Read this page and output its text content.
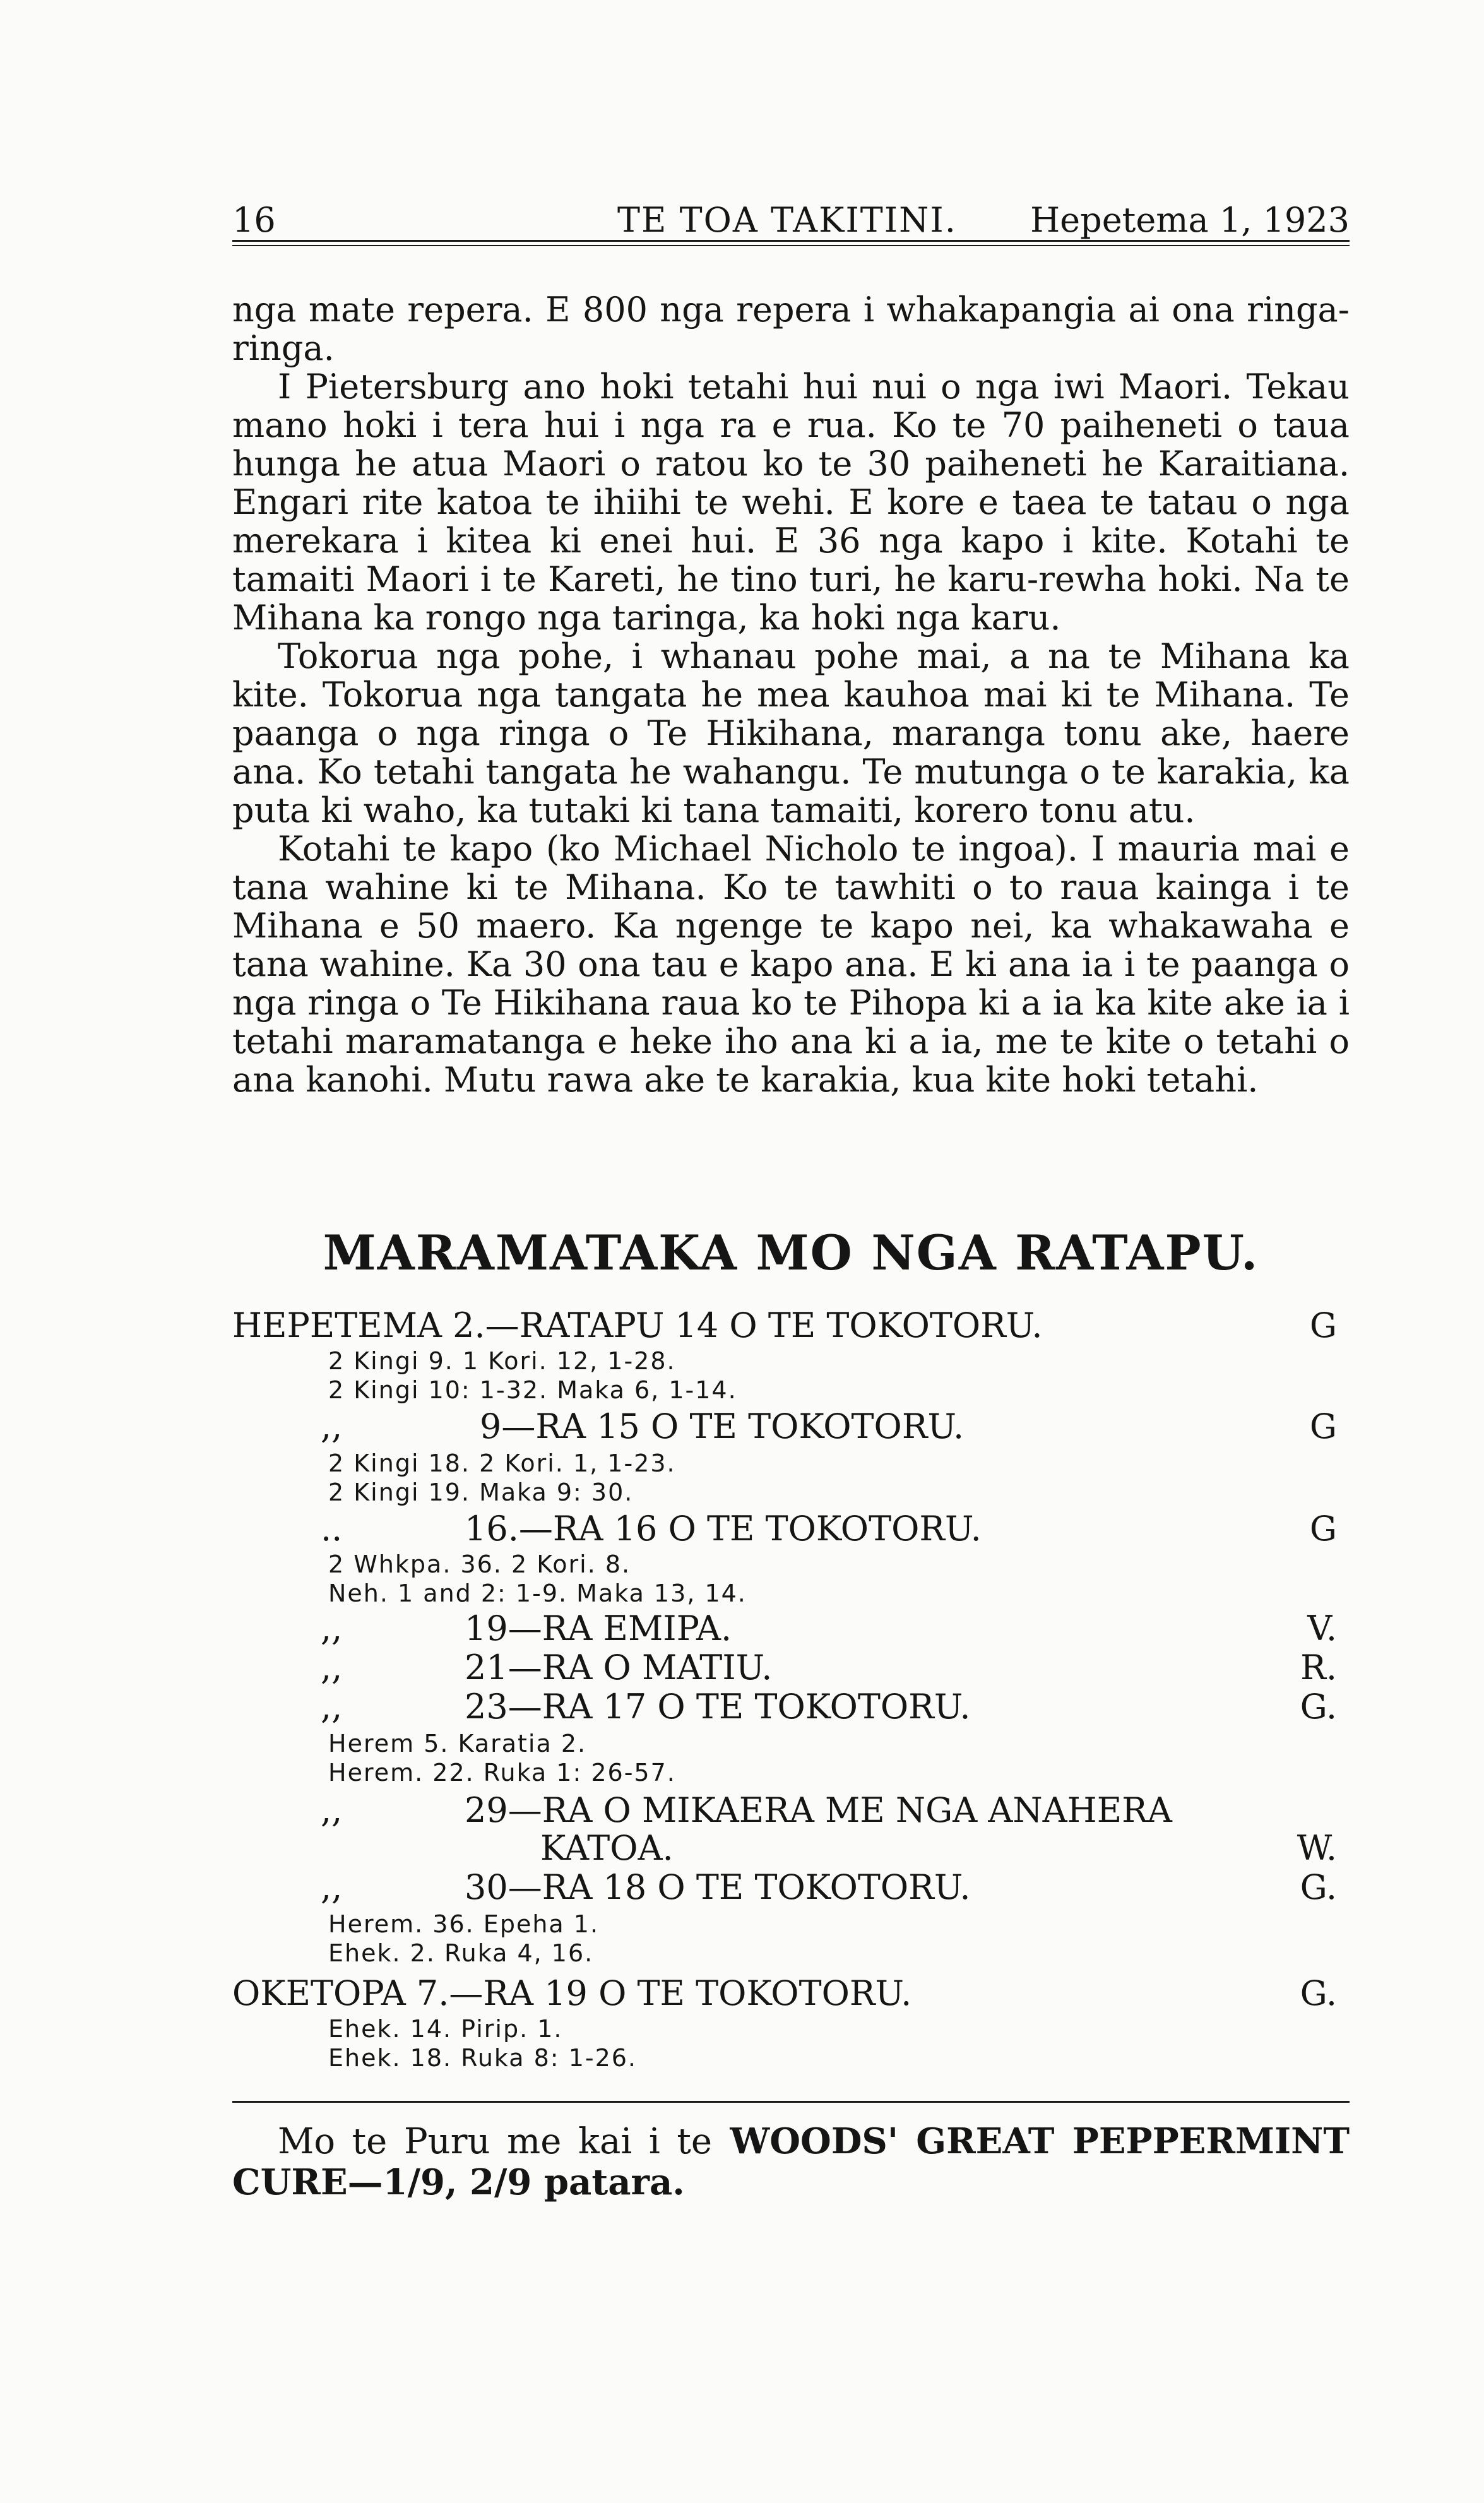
16	TE TOA TAKITINI. Hepetema 1, 1923

nga mate repera. E 800 nga repera i whakapangia ai ona ringa-ringa.

I Pietersburg ano hoki tetahi hui nui o nga iwi Maori. Tekau mano hoki i tera hui i nga ra e rua. Ko te 70 paiheneti o taua hunga he atua Maori o ratou ko te 30 paiheneti he Karaitiana. Engari rite katoa te ihiihi te wehi. E kore e taea te tatau o nga merekara i kitea ki enei hui. E 36 nga kapo i kite. Kotahi te tamaiti Maori i te Kareti, he tino turi, he karu-rewha hoki. Na te Mihana ka rongo nga taringa, ka hoki nga karu.

Tokorua nga pohe, i whanau pohe mai, a na te Mihana ka kite. Tokorua nga tangata he mea kauhoa mai ki te Mihana. Te paanga o nga ringa o Te Hikihana, maranga tonu ake, haere ana. Ko tetahi tangata he wahangu. Te mutunga o te karakia, ka puta ki waho, ka tutaki ki tana tamaiti, korero tonu atu.

Kotahi te kapo (ko Michael Nicholo te ingoa). I mauria mai e tana wahine ki te Mihana. Ko te tawhiti o to raua kainga i te Mihana e 50 maero. Ka ngenge te kapo nei, ka whakawaha e tana wahine. Ka 30 ona tau e kapo ana. E ki ana ia i te paanga o nga ringa o Te Hikihana raua ko te Pihopa ki a ia ka kite ake ia i tetahi maramatanga e heke iho ana ki a ia, me te kite o tetahi o ana kanohi. Mutu rawa ake te karakia, kua kite hoki tetahi.

MARAMATAKA MO NGA RATAPU.
HEPETEMA 2.—RATAPU 14 O TE TOKOTORU.	G
2 Kingi 9. 1 Kori. 12, 1-28.
2 Kingi 10: 1-32. Maka 6, 1-14.
,,	9—RA 15 O TE TOKOTORU.	G
2 Kingi 18. 2 Kori. 1, 1-23.
2 Kingi 19. Maka 9: 30.
..	16.—RA 16 O TE TOKOTORU.	G
2 Whkpa. 36. 2 Kori. 8.
Neh. 1 and 2: 1-9. Maka 13, 14.
,,	19—RA EMIPA.	V.
,,	21—RA O MATIU.	R.
,,	23—RA 17 O TE TOKOTORU.	G.
Herem 5. Karatia 2.
Herem. 22. Ruka 1: 26-57.
,,	29—RA O MIKAERA ME NGA ANAHERA
KATOA.	W.
,,	30—RA 18 O TE TOKOTORU.	G.
Herem. 36. Epeha 1.
Ehek. 2. Ruka 4, 16.
OKETOPA 7.—RA 19 O TE TOKOTORU.	G.
Ehek. 14. Pirip. 1.
Ehek. 18. Ruka 8: 1-26.

Mo te Puru me kai i te WOODS' GREAT PEPPERMINT CURE—1/9, 2/9 patara.
